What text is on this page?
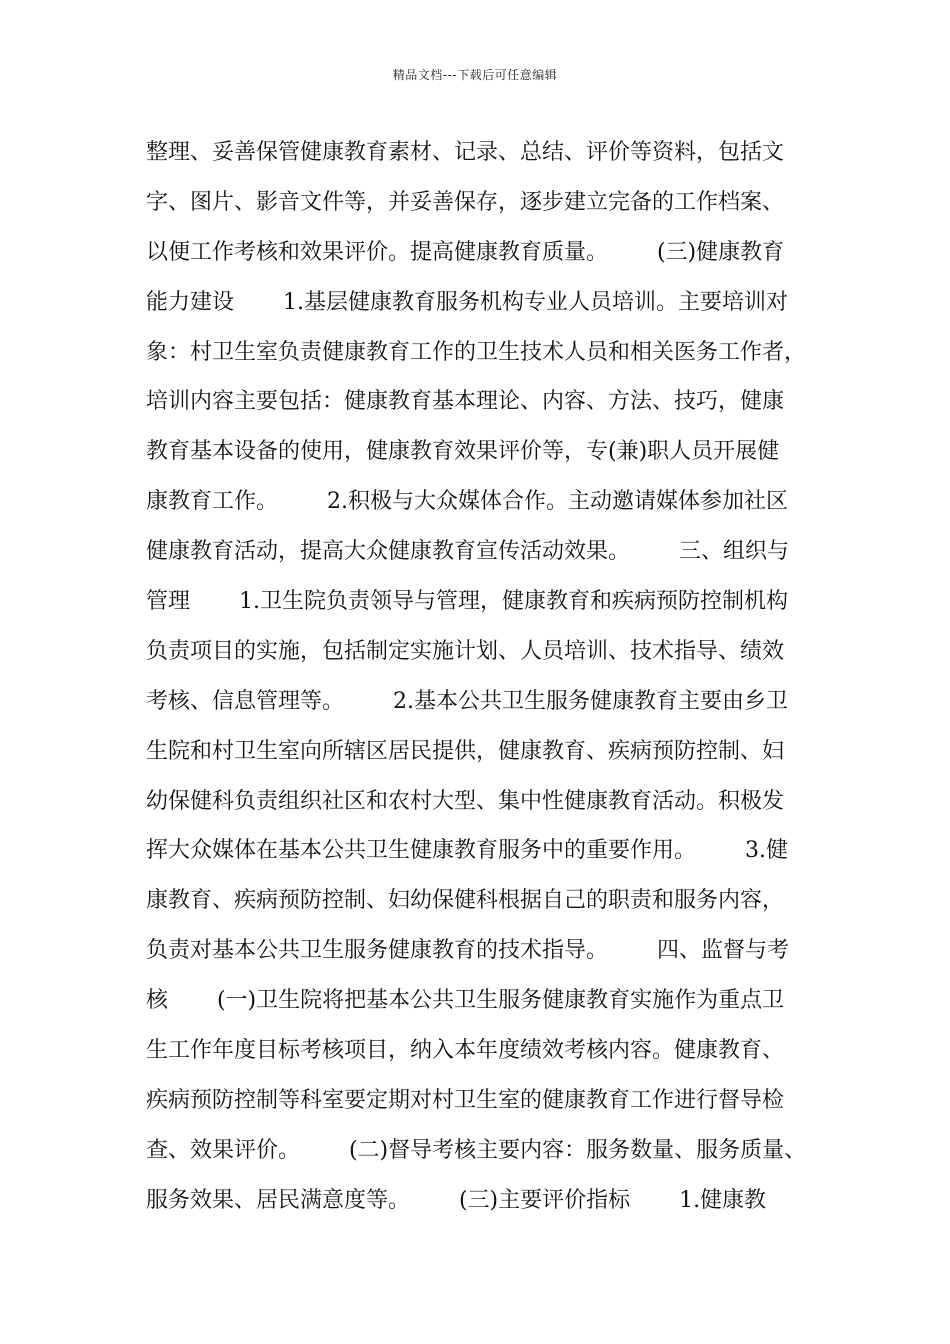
精品文档---下载后可任意编辑
整理、妥善保管健康教育素材、记录、总结、评价等资料，包括文
字、图片、影音文件等，并妥善保存，逐步建立完备的工作档案、
以便工作考核和效果评价。提高健康教育质量。       (三)健康教育
能力建设       1.基层健康教育服务机构专业人员培训。主要培训对
象：村卫生室负责健康教育工作的卫生技术人员和相关医务工作者，
培训内容主要包括：健康教育基本理论、内容、方法、技巧，健康
教育基本设备的使用，健康教育效果评价等，专(兼)职人员开展健
康教育工作。       2.积极与大众媒体合作。主动邀请媒体参加社区
健康教育活动，提高大众健康教育宣传活动效果。       三、组织与
管理       1.卫生院负责领导与管理，健康教育和疾病预防控制机构
负责项目的实施，包括制定实施计划、人员培训、技术指导、绩效
考核、信息管理等。       2.基本公共卫生服务健康教育主要由乡卫
生院和村卫生室向所辖区居民提供，健康教育、疾病预防控制、妇
幼保健科负责组织社区和农村大型、集中性健康教育活动。积极发
挥大众媒体在基本公共卫生健康教育服务中的重要作用。       3.健
康教育、疾病预防控制、妇幼保健科根据自己的职责和服务内容，
负责对基本公共卫生服务健康教育的技术指导。       四、监督与考
核       (一)卫生院将把基本公共卫生服务健康教育实施作为重点卫
生工作年度目标考核项目，纳入本年度绩效考核内容。健康教育、
疾病预防控制等科室要定期对村卫生室的健康教育工作进行督导检
查、效果评价。       (二)督导考核主要内容：服务数量、服务质量、
服务效果、居民满意度等。       (三)主要评价指标       1.健康教
